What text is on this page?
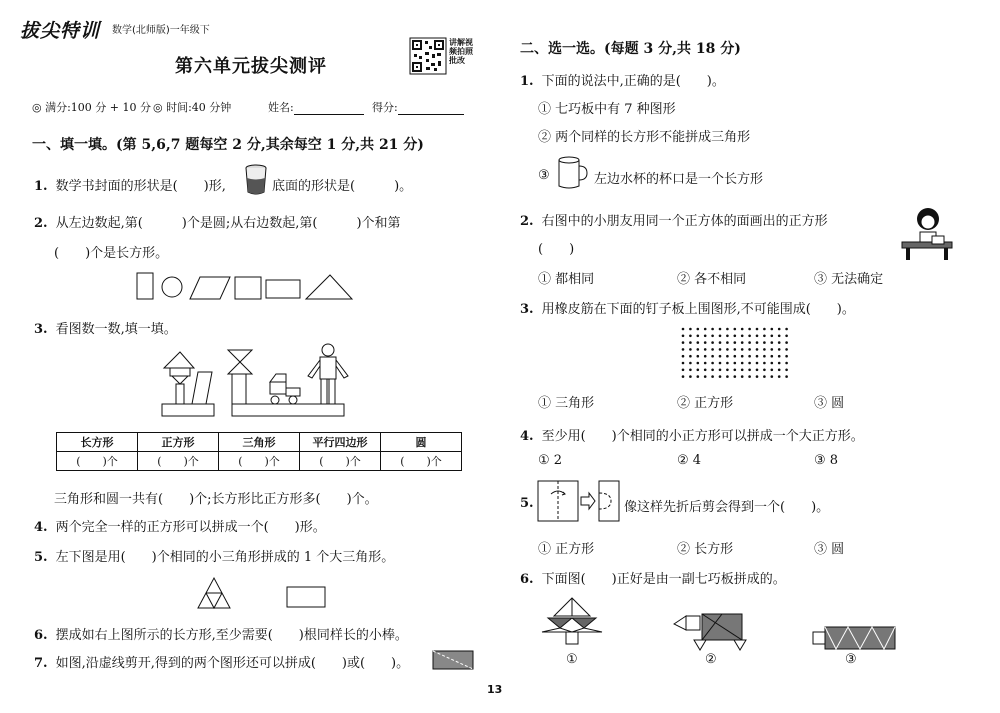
拔尖特训 数学(北师版)一年级下
讲解视频拍照批改
第六单元拔尖测评
◎ 满分:100 分 + 10 分 ◎ 时间:40 分钟	姓名:	得分:
一、填一填。(第 5,6,7 题每空 2 分,其余每空 1 分,共 21 分)
1. 数学书封面的形状是(　　)形,	底面的形状是(　　　)。
2. 从左边数起,第(　　　)个是圆;从右边数起,第(　　　)个和第
(　　)个是长方形。
3. 看图数一数,填一填。
长方形	正方形	三角形	平行四边形	圆
(　　)个	(　　)个	(　　)个	(　　)个	(　　)个
三角形和圆一共有(　　)个;长方形比正方形多(　　)个。
4. 两个完全一样的正方形可以拼成一个(　　)形。
5. 左下图是用(　　)个相同的小三角形拼成的 1 个大三角形。
6. 摆成如右上图所示的长方形,至少需要(　　)根同样长的小棒。
7. 如图,沿虚线剪开,得到的两个图形还可以拼成(　　)或(　　)。
13
二、选一选。(每题 3 分,共 18 分)
1. 下面的说法中,正确的是(　　)。
① 七巧板中有 7 种图形
② 两个同样的长方形不能拼成三角形
③	左边水杯的杯口是一个长方形
2. 右图中的小朋友用同一个正方体的面画出的正方形
(　　)
① 都相同	② 各不相同	③ 无法确定
3. 用橡皮筋在下面的钉子板上围图形,不可能围成(　　)。
① 三角形	② 正方形	③ 圆
4. 至少用(　　)个相同的小正方形可以拼成一个大正方形。
① 2	② 4	③ 8
5.	像这样先折后剪会得到一个(　　)。
① 正方形	② 长方形	③ 圆
6. 下面图(　　)正好是由一副七巧板拼成的。
①	②	③
